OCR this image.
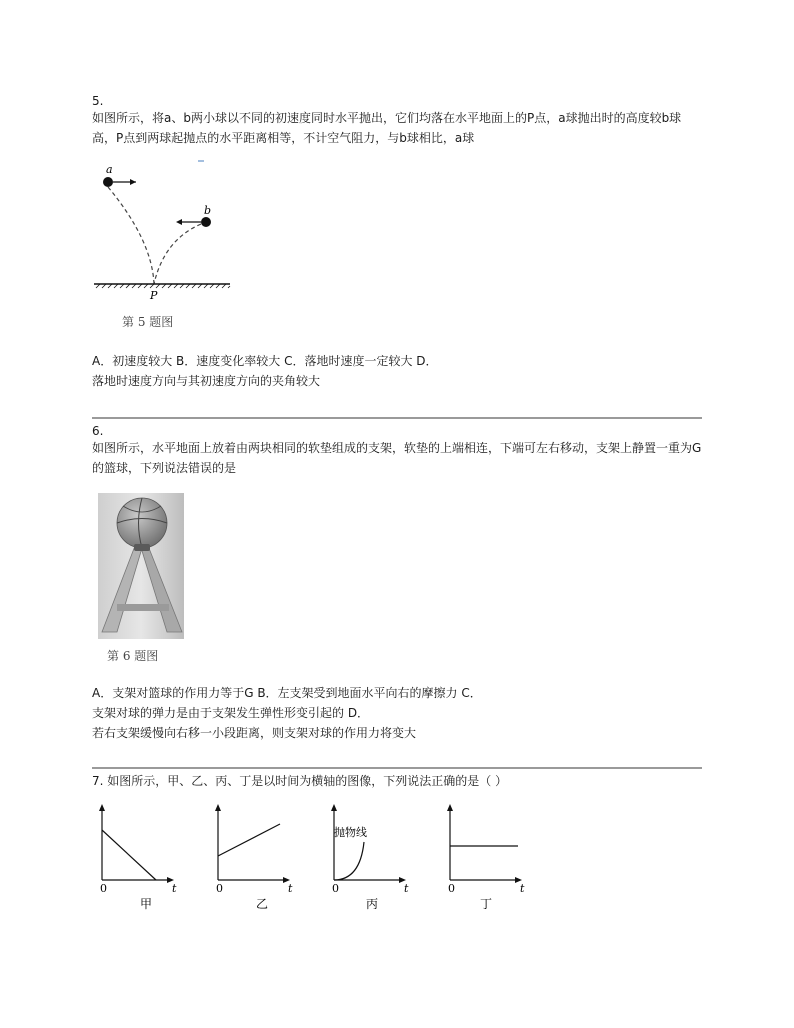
5.
如图所示，将a、b两小球以不同的初速度同时水平抛出，它们均落在水平地面上的P点，a球抛出时的高度较b球高，P点到两球起抛点的水平距离相等，不计空气阻力，与b球相比，a球
a
b
P
第 5 题图
A．初速度较大 B．速度变化率较大 C．落地时速度一定较大 D．
落地时速度方向与其初速度方向的夹角较大
6.
如图所示，水平地面上放着由两块相同的软垫组成的支架，软垫的上端相连，下端可左右移动，支架上静置一重为G的篮球，下列说法错误的是
第 6 题图
A．支架对篮球的作用力等于G B．左支架受到地面水平向右的摩擦力 C．
支架对球的弹力是由于支架发生弹性形变引起的 D．
若右支架缓慢向右移一小段距离，则支架对球的作用力将变大
7. 如图所示，甲、乙、丙、丁是以时间为横轴的图像，下列说法正确的是（ ）
0	t
甲
0	t
乙
抛物线
0	t
丙
0	t
丁
